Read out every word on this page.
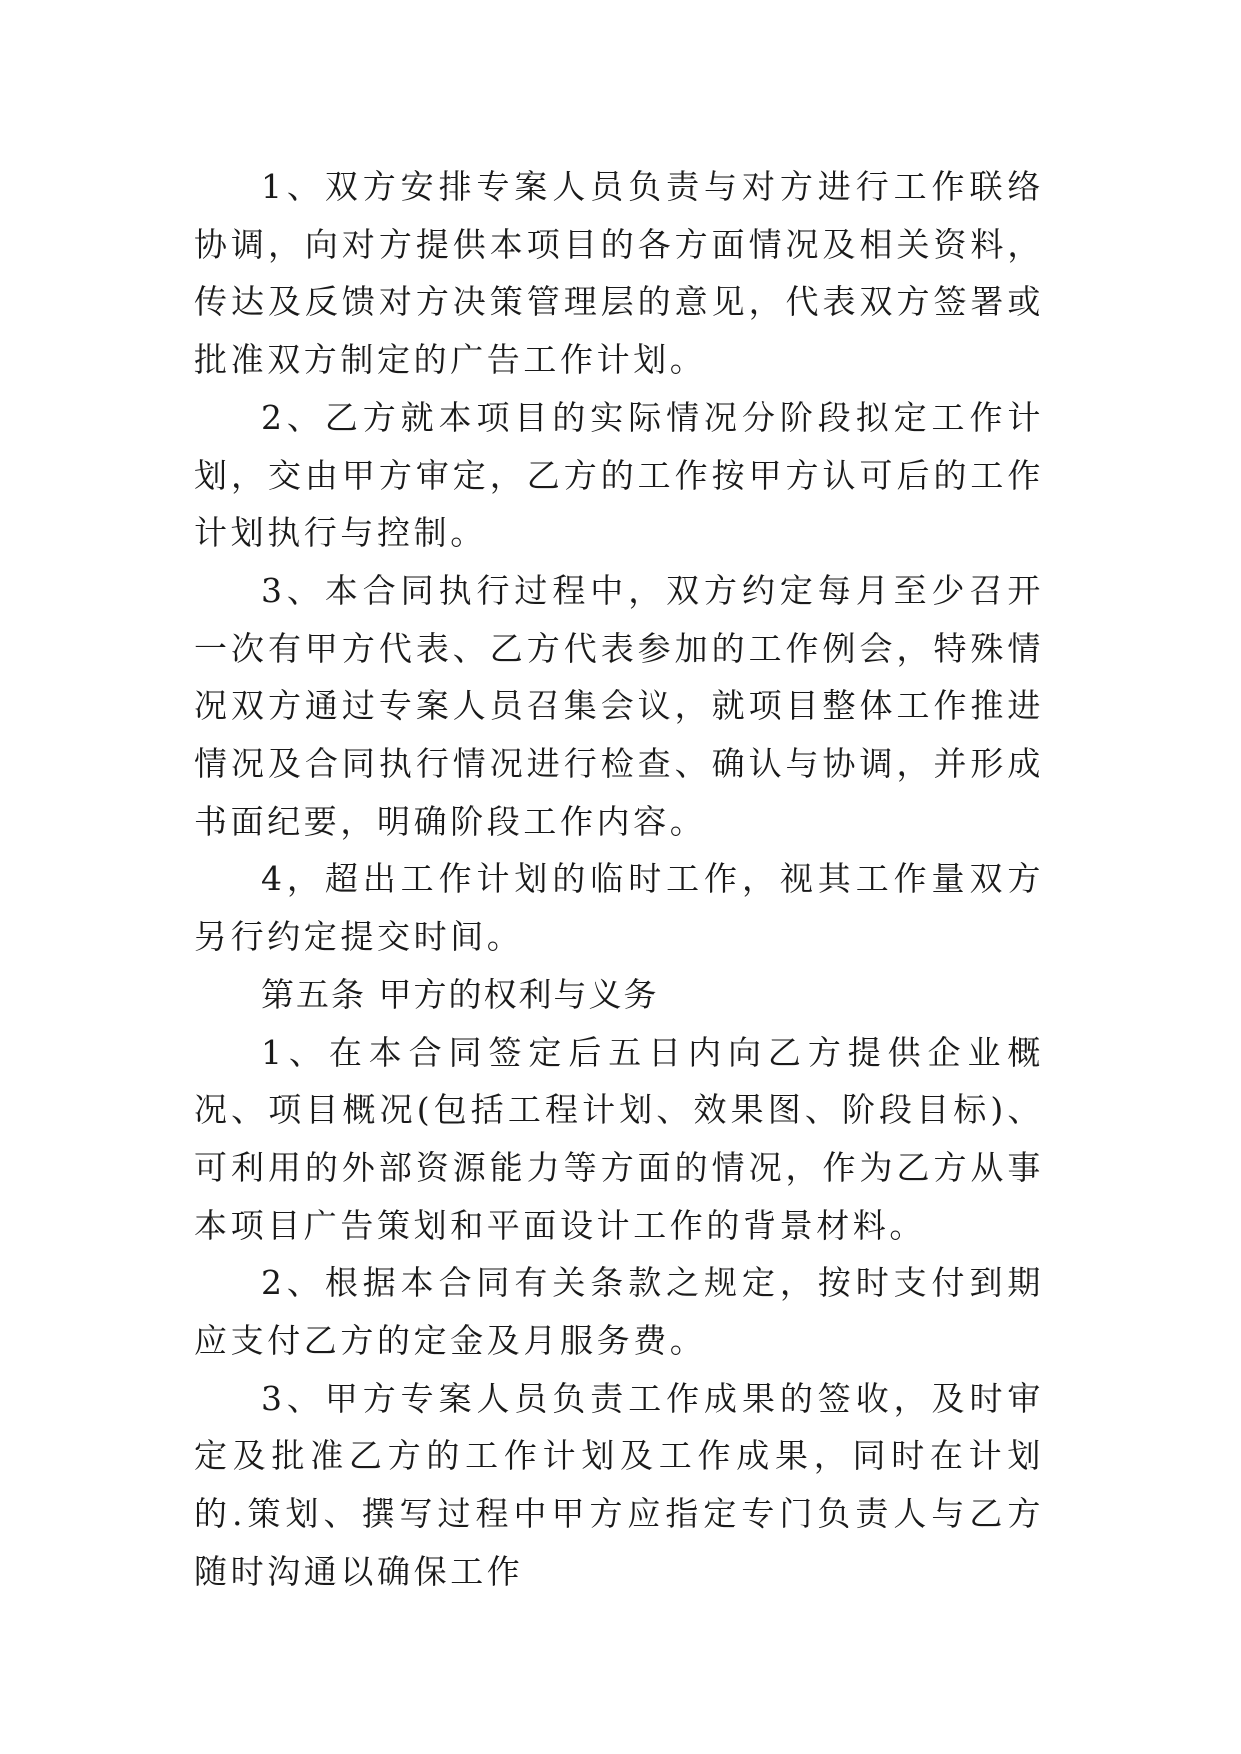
1、双方安排专案人员负责与对方进行工作联络协调，向对方提供本项目的各方面情况及相关资料，传达及反馈对方决策管理层的意见，代表双方签署或批准双方制定的广告工作计划。

2、乙方就本项目的实际情况分阶段拟定工作计划，交由甲方审定，乙方的工作按甲方认可后的工作计划执行与控制。

3、本合同执行过程中，双方约定每月至少召开一次有甲方代表、乙方代表参加的工作例会，特殊情况双方通过专案人员召集会议，就项目整体工作推进情况及合同执行情况进行检查、确认与协调，并形成书面纪要，明确阶段工作内容。

4，超出工作计划的临时工作，视其工作量双方另行约定提交时间。

第五条 甲方的权利与义务

1、在本合同签定后五日内向乙方提供企业概况、项目概况(包括工程计划、效果图、阶段目标)、可利用的外部资源能力等方面的情况，作为乙方从事本项目广告策划和平面设计工作的背景材料。

2、根据本合同有关条款之规定，按时支付到期应支付乙方的定金及月服务费。

3、甲方专案人员负责工作成果的签收，及时审定及批准乙方的工作计划及工作成果，同时在计划的.策划、撰写过程中甲方应指定专门负责人与乙方随时沟通以确保工作
